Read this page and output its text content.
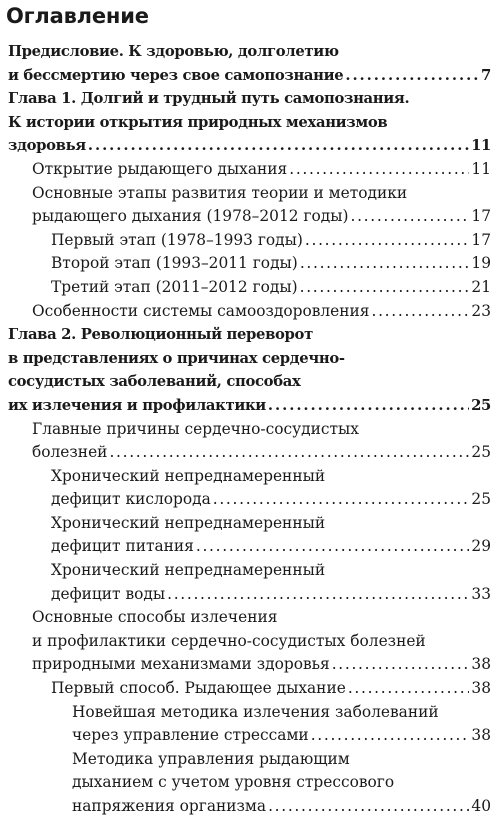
Оглавление
Предисловие. К здоровью, долголетию
и бессмертию через свое самопознание . . .	7
Глава 1. Долгий и трудный путь самопознания.
К истории открытия природных механизмов
здоровья . . .	11
Открытие рыдающего дыхания . . .	11
Основные этапы развития теории и методики
рыдающего дыхания (1978–2012 годы) . . .	17
Первый этап (1978–1993 годы) . . .	17
Второй этап (1993–2011 годы) . . .	19
Третий этап (2011–2012 годы) . . .	21
Особенности системы самооздоровления . . .	23
Глава 2. Революционный переворот
в представлениях о причинах сердечно-
сосудистых заболеваний, способах
их излечения и профилактики . . .	25
Главные причины сердечно-сосудистых
болезней . . .	25
Хронический непреднамеренный
дефицит кислорода . . .	25
Хронический непреднамеренный
дефицит питания . . .	29
Хронический непреднамеренный
дефицит воды . . .	33
Основные способы излечения
и профилактики сердечно-сосудистых болезней
природными механизмами здоровья . . .	38
Первый способ. Рыдающее дыхание . . .	38
Новейшая методика излечения заболеваний
через управление стрессами . . .	38
Методика управления рыдающим
дыханием с учетом уровня стрессового
напряжения организма . . .	40
